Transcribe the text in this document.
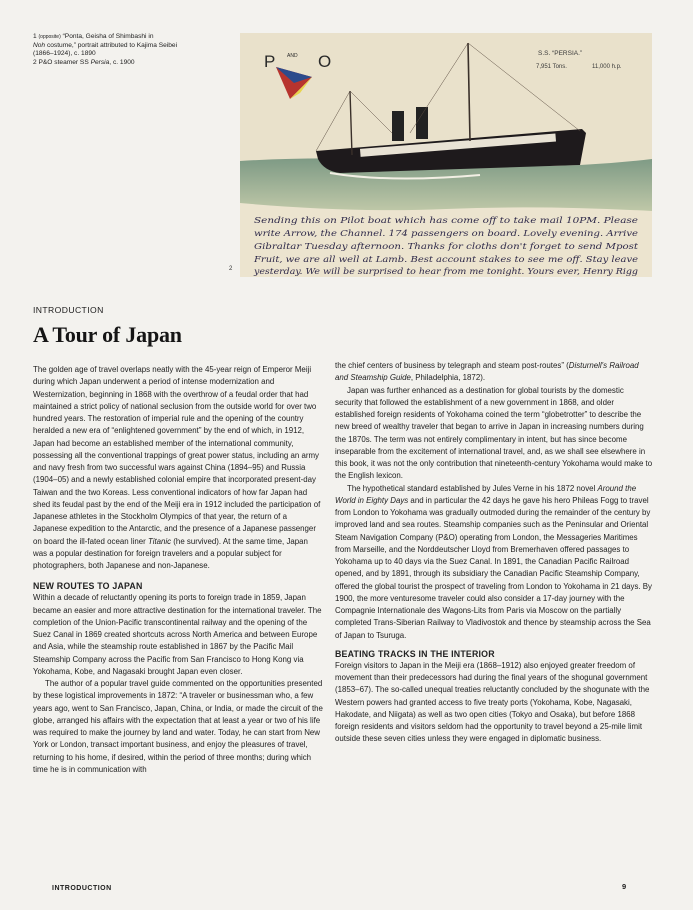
1 (opposite) “Ponta, Geisha of Shimbashi in
Noh costume,” portrait attributed to Kajima Seibei
(1866–1924), c. 1890
2 P&O steamer SS Persia, c. 1900	P AND O	S.S. “PERSIA.”
7,951 Tons.	11,000 h.p.
Sending this on Pilot boat which has come off to take mail 10PM. Please
write Arrow, the Channel. 174 passengers on board. Lovely evening. Arrive
Gibraltar Tuesday afternoon. Thanks for cloths don't forget to send Mpost
Fruit, we are all well at Lamb. Best account stakes to see me off. Stay leave
yesterday. We will be surprised to hear from me tonight. Yours ever, Henry Rigg
2
INTRODUCTION
A Tour of Japan

The golden age of travel overlaps neatly with the 45-year reign of Emperor Meiji during which Japan underwent a period of intense modernization and Westernization, beginning in 1868 with the overthrow of a feudal order that had maintained a strict policy of national seclusion from the outside world for over two hundred years. The restoration of imperial rule and the opening of the country heralded a new era of “enlightened government” by the end of which, in 1912, Japan had become an established member of the international community, possessing all the conventional trappings of great power status, including an army and navy fresh from two successful wars against China (1894–95) and Russia (1904–05) and a newly established colonial empire that incorporated present-day Taiwan and the two Koreas. Less conventional indicators of how far Japan had shed its feudal past by the end of the Meiji era in 1912 included the participation of Japanese athletes in the Stockholm Olympics of that year, the return of a Japanese expedition to the Antarctic, and the presence of a Japanese passenger on board the ill-fated ocean liner Titanic (he survived). At the same time, Japan was a popular destination for foreign travelers and a popular subject for photographers, both Japanese and non-Japanese.

NEW ROUTES TO JAPAN

Within a decade of reluctantly opening its ports to foreign trade in 1859, Japan became an easier and more attractive destination for the international traveler. The completion of the Union-Pacific transcontinental railway and the opening of the Suez Canal in 1869 created shortcuts across North America and between Europe and Asia, while the steamship route established in 1867 by the Pacific Mail Steamship Company across the Pacific from San Francisco to Hong Kong via Yokohama, Kobe, and Nagasaki brought Japan even closer.

The author of a popular travel guide commented on the opportunities presented by these logistical improvements in 1872: “A traveler or businessman who, a few years ago, went to San Francisco, Japan, China, or India, or made the circuit of the globe, arranged his affairs with the expectation that at least a year or two of his life was required to make the journey by land and water. Today, he can start from New York or London, transact important business, and enjoy the pleasures of travel, returning to his home, if desired, within the period of three months; during which time he is in communication with

the chief centers of business by telegraph and steam post-routes” (Disturnell's Railroad and Steamship Guide, Philadelphia, 1872).

Japan was further enhanced as a destination for global tourists by the domestic security that followed the establishment of a new government in 1868, and older established foreign residents of Yokohama coined the term “globetrotter” to describe the new breed of wealthy traveler that began to arrive in Japan in increasing numbers during the 1870s. The term was not entirely complimentary in intent, but has since become inseparable from the excitement of international travel, and, as we shall see elsewhere in this book, it was not the only contribution that nineteenth-century Yokohama would make to the English lexicon.

The hypothetical standard established by Jules Verne in his 1872 novel Around the World in Eighty Days and in particular the 42 days he gave his hero Phileas Fogg to travel from London to Yokohama was gradually outmoded during the remainder of the century by improved land and sea routes. Steamship companies such as the Peninsular and Oriental Steam Navigation Company (P&O) operating from London, the Messageries Maritimes from Marseille, and the Norddeutscher Lloyd from Bremerhaven offered passages to Yokohama up to 40 days via the Suez Canal. In 1891, the Canadian Pacific Railroad opened, and by 1891, through its subsidiary the Canadian Pacific Steamship Company, offered the global tourist the prospect of traveling from London to Yokohama in 21 days. By 1900, the more venturesome traveler could also consider a 17-day journey with the Compagnie Internationale des Wagons-Lits from Paris via Moscow on the partially completed Trans-Siberian Railway to Vladivostok and thence by steamship across the Sea of Japan to Tsuruga.

BEATING TRACKS IN THE INTERIOR

Foreign visitors to Japan in the Meiji era (1868–1912) also enjoyed greater freedom of movement than their predecessors had during the final years of the shogunal government (1853–67). The so-called unequal treaties reluctantly concluded by the shogunate with the Western powers had granted access to five treaty ports (Yokohama, Kobe, Nagasaki, Hakodate, and Niigata) as well as two open cities (Tokyo and Osaka), but before 1868 foreign residents and visitors seldom had the opportunity to travel beyond a 25-mile limit outside these seven cities unless they were engaged in diplomatic business.

INTRODUCTION	9
